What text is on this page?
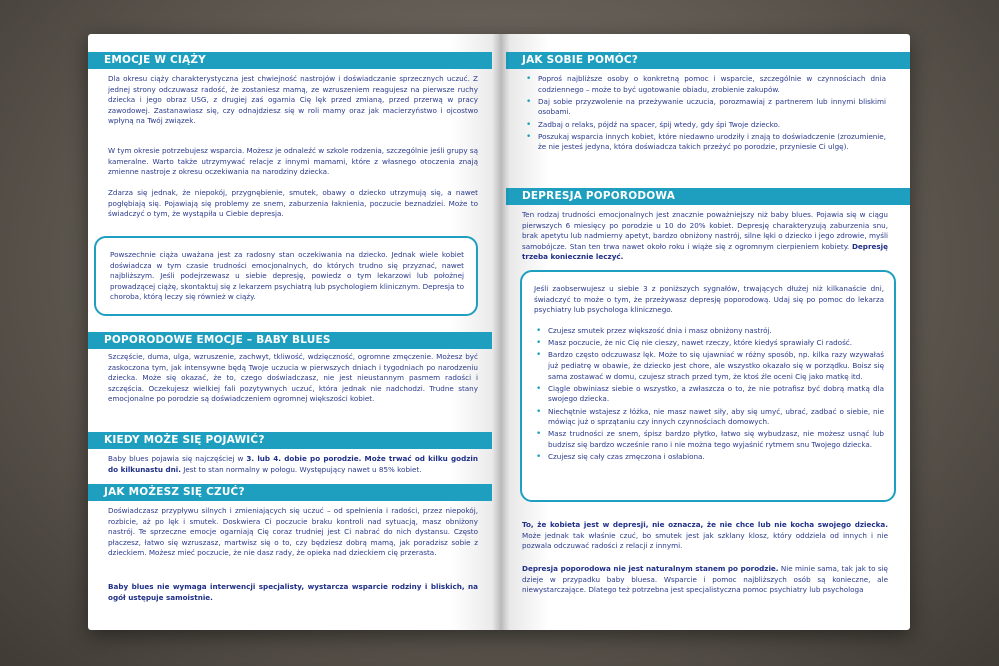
EMOCJE W CIĄŻY
Dla okresu ciąży charakterystyczna jest chwiejność nastrojów i doświadczanie sprzecznych uczuć. Z jednej strony odczuwasz radość, że zostaniesz mamą, ze wzruszeniem reagujesz na pierwsze ruchy dziecka i jego obraz USG, z drugiej zaś ogarnia Cię lęk przed zmianą, przed przerwą w pracy zawodowej. Zastanawiasz się, czy odnajdziesz się w roli mamy oraz jak macierzyństwo i ojcostwo wpłyną na Twój związek.
W tym okresie potrzebujesz wsparcia. Możesz je odnaleźć w szkole rodzenia, szczególnie jeśli grupy są kameralne. Warto także utrzymywać relacje z innymi mamami, które z własnego otoczenia znają zmienne nastroje z okresu oczekiwania na narodziny dziecka.
Zdarza się jednak, że niepokój, przygnębienie, smutek, obawy o dziecko utrzymują się, a nawet pogłębiają się. Pojawiają się problemy ze snem, zaburzenia łaknienia, poczucie beznadziei. Może to świadczyć o tym, że wystąpiła u Ciebie depresja.
Powszechnie ciąża uważana jest za radosny stan oczekiwania na dziecko. Jednak wiele kobiet doświadcza w tym czasie trudności emocjonalnych, do których trudno się przyznać, nawet najbliższym. Jeśli podejrzewasz u siebie depresję, powiedz o tym lekarzowi lub położnej prowadzącej ciążę, skontaktuj się z lekarzem psychiatrą lub psychologiem klinicznym. Depresja to choroba, którą leczy się również w ciąży.
POPORODOWE EMOCJE – BABY BLUES
Szczęście, duma, ulga, wzruszenie, zachwyt, tkliwość, wdzięczność, ogromne zmęczenie. Możesz być zaskoczona tym, jak intensywne będą Twoje uczucia w pierwszych dniach i tygodniach po narodzeniu dziecka. Może się okazać, że to, czego doświadczasz, nie jest nieustannym pasmem radości i szczęścia. Oczekujesz wielkiej fali pozytywnych uczuć, która jednak nie nadchodzi. Trudne stany emocjonalne po porodzie są doświadczeniem ogromnej większości kobiet.
KIEDY MOŻE SIĘ POJAWIĆ?
Baby blues pojawia się najczęściej w 3. lub 4. dobie po porodzie. Może trwać od kilku godzin do kilkunastu dni. Jest to stan normalny w połogu. Występujący nawet u 85% kobiet.
JAK MOŻESZ SIĘ CZUĆ?
Doświadczasz przypływu silnych i zmieniających się uczuć – od spełnienia i radości, przez niepokój, rozbicie, aż po lęk i smutek. Doskwiera Ci poczucie braku kontroli nad sytuacją, masz obniżony nastrój. Te sprzeczne emocje ogarniają Cię coraz trudniej jest Ci nabrać do nich dystansu. Często płaczesz, łatwo się wzruszasz, martwisz się o to, czy będziesz dobrą mamą, jak poradzisz sobie z dzieckiem. Możesz mieć poczucie, że nie dasz rady, że opieka nad dzieckiem cię przerasta.
Baby blues nie wymaga interwencji specjalisty, wystarcza wsparcie rodziny i bliskich, na ogół ustępuje samoistnie.
JAK SOBIE POMÓC?
• Poproś najbliższe osoby o konkretną pomoc i wsparcie, szczególnie w czynnościach dnia codziennego – może to być ugotowanie obiadu, zrobienie zakupów.
• Daj sobie przyzwolenie na przeżywanie uczucia, porozmawiaj z partnerem lub innymi bliskimi osobami.
• Zadbaj o relaks, pójdź na spacer, śpij wtedy, gdy śpi Twoje dziecko.
• Poszukaj wsparcia innych kobiet, które niedawno urodziły i znają to doświadczenie (zrozumienie, że nie jesteś jedyna, która doświadcza takich przeżyć po porodzie, przyniesie Ci ulgę).
DEPRESJA POPORODOWA
Ten rodzaj trudności emocjonalnych jest znacznie poważniejszy niż baby blues. Pojawia się w ciągu pierwszych 6 miesięcy po porodzie u 10 do 20% kobiet. Depresję charakteryzują zaburzenia snu, brak apetytu lub nadmierny apetyt, bardzo obniżony nastrój, silne lęki o dziecko i jego zdrowie, myśli samobójcze. Stan ten trwa nawet około roku i wiąże się z ogromnym cierpieniem kobiety. Depresję trzeba koniecznie leczyć.
Jeśli zaobserwujesz u siebie 3 z poniższych sygnałów, trwających dłużej niż kilkanaście dni, świadczyć to może o tym, że przeżywasz depresję poporodową. Udaj się po pomoc do lekarza psychiatry lub psychologa klinicznego.
• Czujesz smutek przez większość dnia i masz obniżony nastrój.
• Masz poczucie, że nic Cię nie cieszy, nawet rzeczy, które kiedyś sprawiały Ci radość.
• Bardzo często odczuwasz lęk. Może to się ujawniać w różny sposób, np. kilka razy wzywałaś już pediatrę w obawie, że dziecko jest chore, ale wszystko okazało się w porządku. Boisz się sama zostawać w domu, czujesz strach przed tym, że ktoś źle oceni Cię jako matkę itd.
• Ciągle obwiniasz siebie o wszystko, a zwłaszcza o to, że nie potrafisz być dobrą matką dla swojego dziecka.
• Niechętnie wstajesz z łóżka, nie masz nawet siły, aby się umyć, ubrać, zadbać o siebie, nie mówiąc już o sprzątaniu czy innych czynnościach domowych.
• Masz trudności ze snem, śpisz bardzo płytko, łatwo się wybudzasz, nie możesz usnąć lub budzisz się bardzo wcześnie rano i nie można tego wyjaśnić rytmem snu Twojego dziecka.
• Czujesz się cały czas zmęczona i osłabiona.
To, że kobieta jest w depresji, nie oznacza, że nie chce lub nie kocha swojego dziecka. Może jednak tak właśnie czuć, bo smutek jest jak szklany klosz, który oddziela od innych i nie pozwala odczuwać radości z relacji z innymi.
Depresja poporodowa nie jest naturalnym stanem po porodzie. Nie minie sama, tak jak to się dzieje w przypadku baby bluesa. Wsparcie i pomoc najbliższych osób są konieczne, ale niewystarczające. Dlatego też potrzebna jest specjalistyczna pomoc psychiatry lub psychologa
